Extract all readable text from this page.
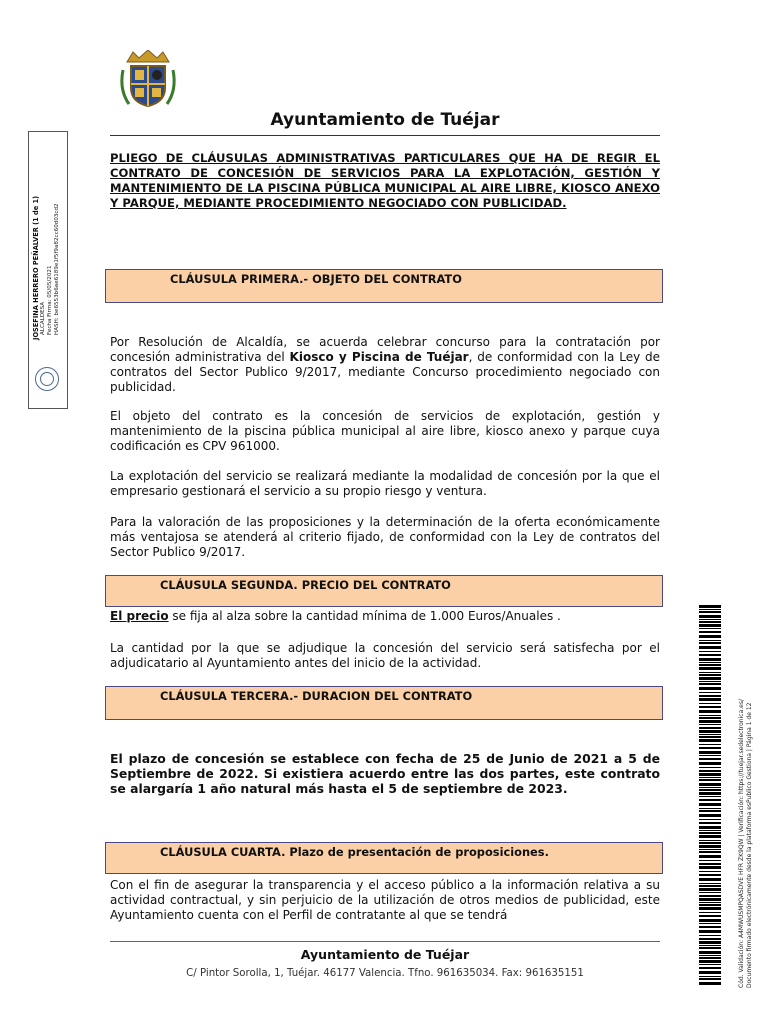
Ayuntamiento de Tuéjar
PLIEGO DE CLÁUSULAS ADMINISTRATIVAS PARTICULARES QUE HA DE REGIR EL CONTRATO DE CONCESIÓN DE SERVICIOS PARA LA EXPLOTACIÓN, GESTIÓN Y MANTENIMIENTO DE LA PISCINA PÚBLICA MUNICIPAL AL AIRE LIBRE, KIOSCO ANEXO Y PARQUE, MEDIANTE PROCEDIMIENTO NEGOCIADO CON PUBLICIDAD.
CLÁUSULA PRIMERA.- OBJETO DEL CONTRATO
Por Resolución de Alcaldía, se acuerda celebrar concurso para la contratación por concesión administrativa del Kiosco y Piscina de Tuéjar, de conformidad con la Ley de contratos del Sector Publico 9/2017, mediante Concurso procedimiento negociado con publicidad.
El objeto del contrato es la concesión de servicios de explotación, gestión y mantenimiento de la piscina pública municipal al aire libre, kiosco anexo y parque cuya codificación es CPV 961000.
La explotación del servicio se realizará mediante la modalidad de concesión por la que el empresario gestionará el servicio a su propio riesgo y ventura.
Para la valoración de las proposiciones y la determinación de la oferta económicamente más ventajosa se atenderá al criterio fijado, de conformidad con la Ley de contratos del Sector Publico 9/2017.
CLÁUSULA SEGUNDA. PRECIO DEL CONTRATO
El precio se fija al alza sobre la cantidad mínima de 1.000 Euros/Anuales .
La cantidad por la que se adjudique la concesión del servicio será satisfecha por el adjudicatario al Ayuntamiento antes del inicio de la actividad.
CLÁUSULA TERCERA.- DURACION DEL CONTRATO
El plazo de concesión se establece con fecha de 25 de Junio de 2021 a 5 de Septiembre de 2022. Si existiera acuerdo entre las dos partes, este contrato se alargaría 1 año natural más hasta el 5 de septiembre de 2023.
CLÁUSULA CUARTA. Plazo de presentación de proposiciones.
Con el fin de asegurar la transparencia y el acceso público a la información relativa a su actividad contractual, y sin perjuicio de la utilización de otros medios de publicidad, este Ayuntamiento cuenta con el Perfil de contratante al que se tendrá
Ayuntamiento de Tuéjar
C/ Pintor Sorolla, 1, Tuéjar. 46177 Valencia. Tfno. 961635034. Fax: 961635151
JOSEFINA HERRERO PEÑALVER (1 de 1) ALCALDESA Fecha Firma: 05/05/2021 HASH: be6553b6ae6189e1f5f9a82cc60d03cd2
Cód. Validación: A4MWUSMPQASDVE HFR ZK9QW | Verificación: https://tuejar.sedelectronica.es/ Documento firmado electrónicamente desde la plataforma esPublico Gestiona | Página 1 de 12
